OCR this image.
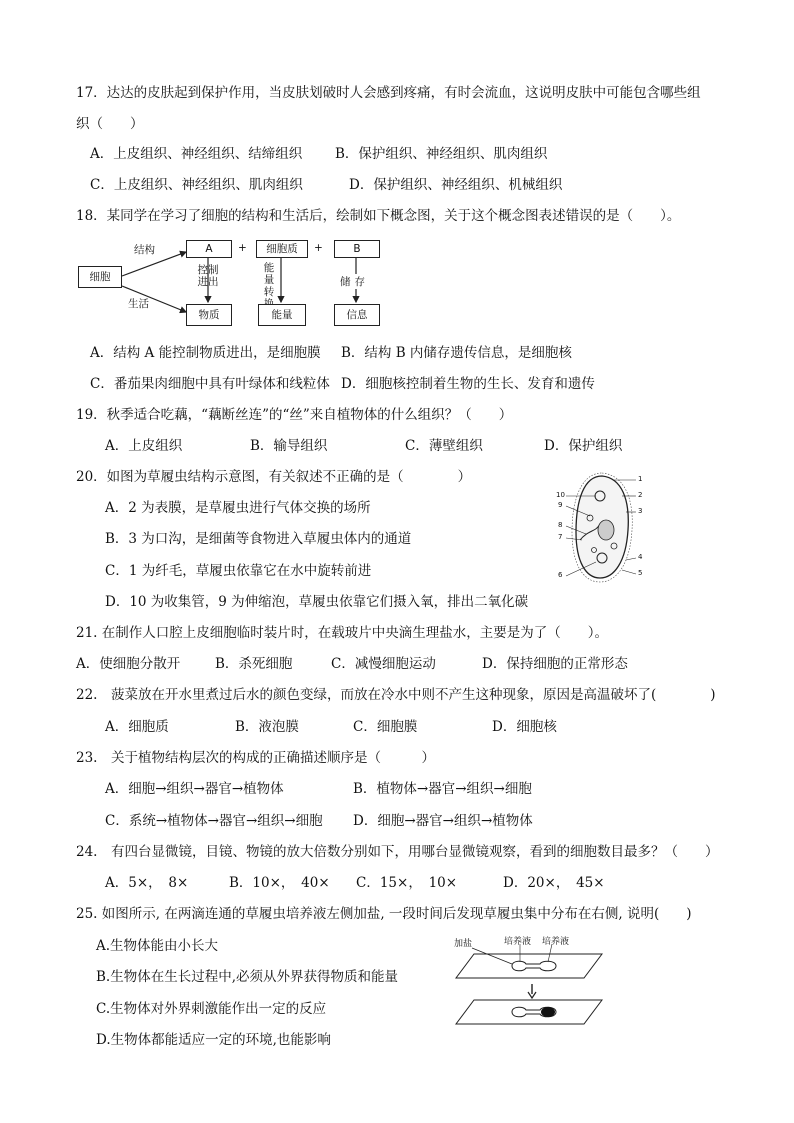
17．达达的皮肤起到保护作用，当皮肤划破时人会感到疼痛，有时会流血，这说明皮肤中可能包含哪些组
织（　　）
A．上皮组织、神经组织、结缔组织 B．保护组织、神经组织、肌肉组织
C．上皮组织、神经组织、肌肉组织	D．保护组织、神经组织、机械组织
18．某同学在学习了细胞的结构和生活后，绘制如下概念图，关于这个概念图表述错误的是（　　）。
细胞
结构
生活
A	+	细胞质	+	B
控制进出
能量转
储存
物质	能量	信息
A．结构 A 能控制物质进出，是细胞膜 B．结构 B 内储存遗传信息，是细胞核
C．番茄果肉细胞中具有叶绿体和线粒体 D．细胞核控制着生物的生长、发育和遗传
19．秋季适合吃藕，“藕断丝连”的“丝”来自植物体的什么组织？（　　）
A．上皮组织	B．输导组织	C．薄壁组织	D．保护组织
20．如图为草履虫结构示意图，有关叙述不正确的是（　　　　）
A．2 为表膜，是草履虫进行气体交换的场所
B．3 为口沟，是细菌等食物进入草履虫体内的通道
C．1 为纤毛，草履虫依靠它在水中旋转前进
D．10 为收集管，9 为伸缩泡，草履虫依靠它们摄入氧，排出二氧化碳
1
2
3
4
5
6
7
8
9
10
21. 在制作人口腔上皮细胞临时装片时，在载玻片中央滴生理盐水，主要是为了（　　）。
A．使细胞分散开	B．杀死细胞	C．减慢细胞运动	D．保持细胞的正常形态
22.　菠菜放在开水里煮过后水的颜色变绿，而放在冷水中则不产生这种现象，原因是高温破坏了(　　　　)
A．细胞质	B．液泡膜	C．细胞膜	D．细胞核
23.　关于植物结构层次的构成的正确描述顺序是（　　　）
A．细胞→组织→器官→植物体	B．植物体→器官→组织→细胞
C．系统→植物体→器官→组织→细胞 D．细胞→器官→组织→植物体
24.　有四台显微镜，目镜、物镜的放大倍数分别如下，用哪台显微镜观察，看到的细胞数目最多？（　　）
A．5×，　8×	B．10×，　40× C．15×，　10×	D．20×，　45×
25. 如图所示, 在两滴连通的草履虫培养液左侧加盐, 一段时间后发现草履虫集中分布在右侧, 说明(　　)
A.生物体能由小长大
B.生物体在生长过程中,必须从外界获得物质和能量
C.生物体对外界刺激能作出一定的反应
D.生物体都能适应一定的环境,也能影响
加盐	培养液 培养液
